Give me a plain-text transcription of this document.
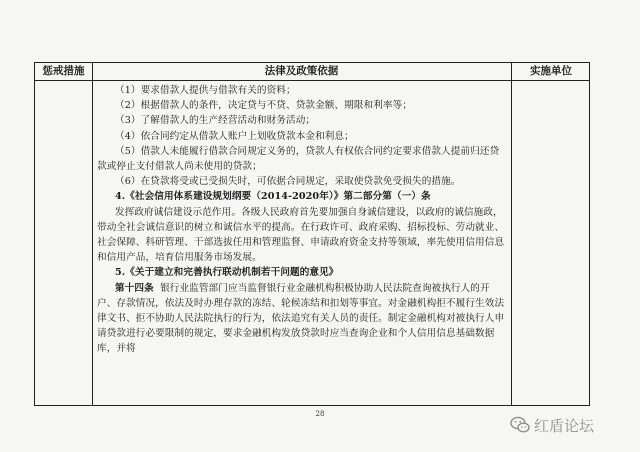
惩戒措施	法律及政策依据	实施单位

（1）要求借款人提供与借款有关的资料；

（2）根据借款人的条件，决定贷与不贷、贷款金额、期限和利率等；

（3）了解借款人的生产经营活动和财务活动；

（4）依合同约定从借款人账户上划收贷款本金和利息；

（5）借款人未能履行借款合同规定义务的，贷款人有权依合同约定要求借款人提前归还贷款或停止支付借款人尚未使用的贷款；

（6）在贷款将受或已受损失时，可依据合同规定，采取使贷款免受损失的措施。

4.《社会信用体系建设规划纲要（2014-2020年）》第二部分第（一）条

发挥政府诚信建设示范作用。各级人民政府首先要加强自身诚信建设，以政府的诚信施政，带动全社会诚信意识的树立和诚信水平的提高。在行政许可、政府采购、招标投标、劳动就业、社会保障、科研管理、干部选拔任用和管理监督、申请政府资金支持等领域，率先使用信用信息和信用产品，培育信用服务市场发展。

5.《关于建立和完善执行联动机制若干问题的意见》

第十四条 银行业监管部门应当监督银行业金融机构积极协助人民法院查询被执行人的开户、存款情况，依法及时办理存款的冻结、轮候冻结和扣划等事宜。对金融机构拒不履行生效法律文书、拒不协助人民法院执行的行为，依法追究有关人员的责任。制定金融机构对被执行人申请贷款进行必要限制的规定，要求金融机构发放贷款时应当查询企业和个人信用信息基础数据库，并将

28
红盾论坛
